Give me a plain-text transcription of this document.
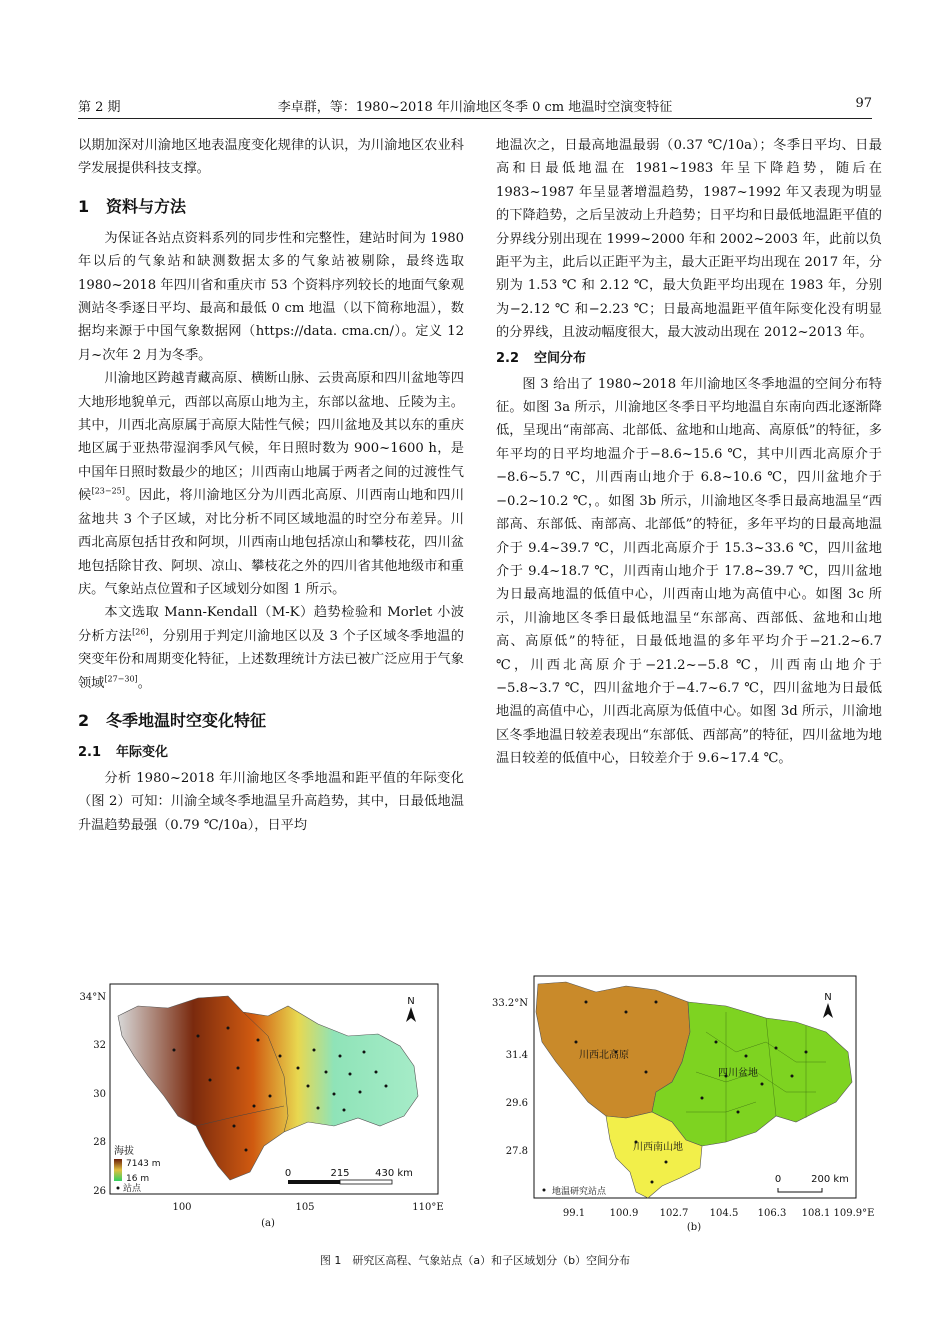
第 2 期	李卓群，等：1980~2018 年川渝地区冬季 0 cm 地温时空演变特征	97

以期加深对川渝地区地表温度变化规律的认识，为川渝地区农业科学发展提供科技支撑。

1 资料与方法

为保证各站点资料系列的同步性和完整性，建站时间为 1980 年以后的气象站和缺测数据太多的气象站被剔除，最终选取 1980~2018 年四川省和重庆市 53 个资料序列较长的地面气象观测站冬季逐日平均、最高和最低 0 cm 地温（以下简称地温），数据均来源于中国气象数据网（https://data. cma.cn/）。定义 12 月~次年 2 月为冬季。

川渝地区跨越青藏高原、横断山脉、云贵高原和四川盆地等四大地形地貌单元，西部以高原山地为主，东部以盆地、丘陵为主。其中，川西北高原属于高原大陆性气候；四川盆地及其以东的重庆地区属于亚热带湿润季风气候，年日照时数为 900~1600 h，是中国年日照时数最少的地区；川西南山地属于两者之间的过渡性气候[23−25]。因此，将川渝地区分为川西北高原、川西南山地和四川盆地共 3 个子区域，对比分析不同区域地温的时空分布差异。川西北高原包括甘孜和阿坝，川西南山地包括凉山和攀枝花，四川盆地包括除甘孜、阿坝、凉山、攀枝花之外的四川省其他地级市和重庆。气象站点位置和子区域划分如图 1 所示。

本文选取 Mann-Kendall（M-K）趋势检验和 Morlet 小波分析方法[26]，分别用于判定川渝地区以及 3 个子区域冬季地温的突变年份和周期变化特征，上述数理统计方法已被广泛应用于气象领域[27−30]。

2 冬季地温时空变化特征
2.1 年际变化

分析 1980~2018 年川渝地区冬季地温和距平值的年际变化（图 2）可知：川渝全域冬季地温呈升高趋势，其中，日最低地温升温趋势最强（0.79 ℃/10a），日平均

地温次之，日最高地温最弱（0.37 ℃/10a）；冬季日平均、日最高和日最低地温在 1981~1983 年呈下降趋势，随后在 1983~1987 年呈显著增温趋势，1987~1992 年又表现为明显的下降趋势，之后呈波动上升趋势；日平均和日最低地温距平值的分界线分别出现在 1999~2000 年和 2002~2003 年，此前以负距平为主，此后以正距平为主，最大正距平均出现在 2017 年，分别为 1.53 ℃ 和 2.12 ℃，最大负距平均出现在 1983 年，分别为−2.12 ℃ 和−2.23 ℃；日最高地温距平值年际变化没有明显的分界线，且波动幅度很大，最大波动出现在 2012~2013 年。

2.2 空间分布

图 3 给出了 1980~2018 年川渝地区冬季地温的空间分布特征。如图 3a 所示，川渝地区冬季日平均地温自东南向西北逐渐降低，呈现出“南部高、北部低、盆地和山地高、高原低”的特征，多年平均的日平均地温介于−8.6~15.6 ℃，其中川西北高原介于−8.6~5.7 ℃，川西南山地介于 6.8~10.6 ℃，四川盆地介于−0.2~10.2 ℃，。如图 3b 所示，川渝地区冬季日最高地温呈“西部高、东部低、南部高、北部低”的特征，多年平均的日最高地温介于 9.4~39.7 ℃，川西北高原介于 15.3~33.6 ℃，四川盆地介于 9.4~18.7 ℃，川西南山地介于 17.8~39.7 ℃，四川盆地为日最高地温的低值中心，川西南山地为高值中心。如图 3c 所示，川渝地区冬季日最低地温呈“东部高、西部低、盆地和山地高、高原低”的特征，日最低地温的多年平均介于−21.2~6.7 ℃，川西北高原介于−21.2~−5.8 ℃，川西南山地介于−5.8~3.7 ℃，四川盆地介于−4.7~6.7 ℃，四川盆地为日最低地温的高值中心，川西北高原为低值中心。如图 3d 所示，川渝地区冬季地温日较差表现出“东部低、西部高”的特征，四川盆地为地温日较差的低值中心，日较差介于 9.6~17.4 ℃。

34°N
32
30
28
26
100	105	110°E
N
海拔
7143 m
16 m
站点
0	215	430 km
(a)
川西北高原
四川盆地
川西南山地
33.2°N
31.4
29.6
27.8
99.1 100.9 102.7 104.5 106.3 108.1 109.9°E
N
地温研究站点
0	200 km
(b)
图 1　研究区高程、气象站点（a）和子区域划分（b）空间分布
